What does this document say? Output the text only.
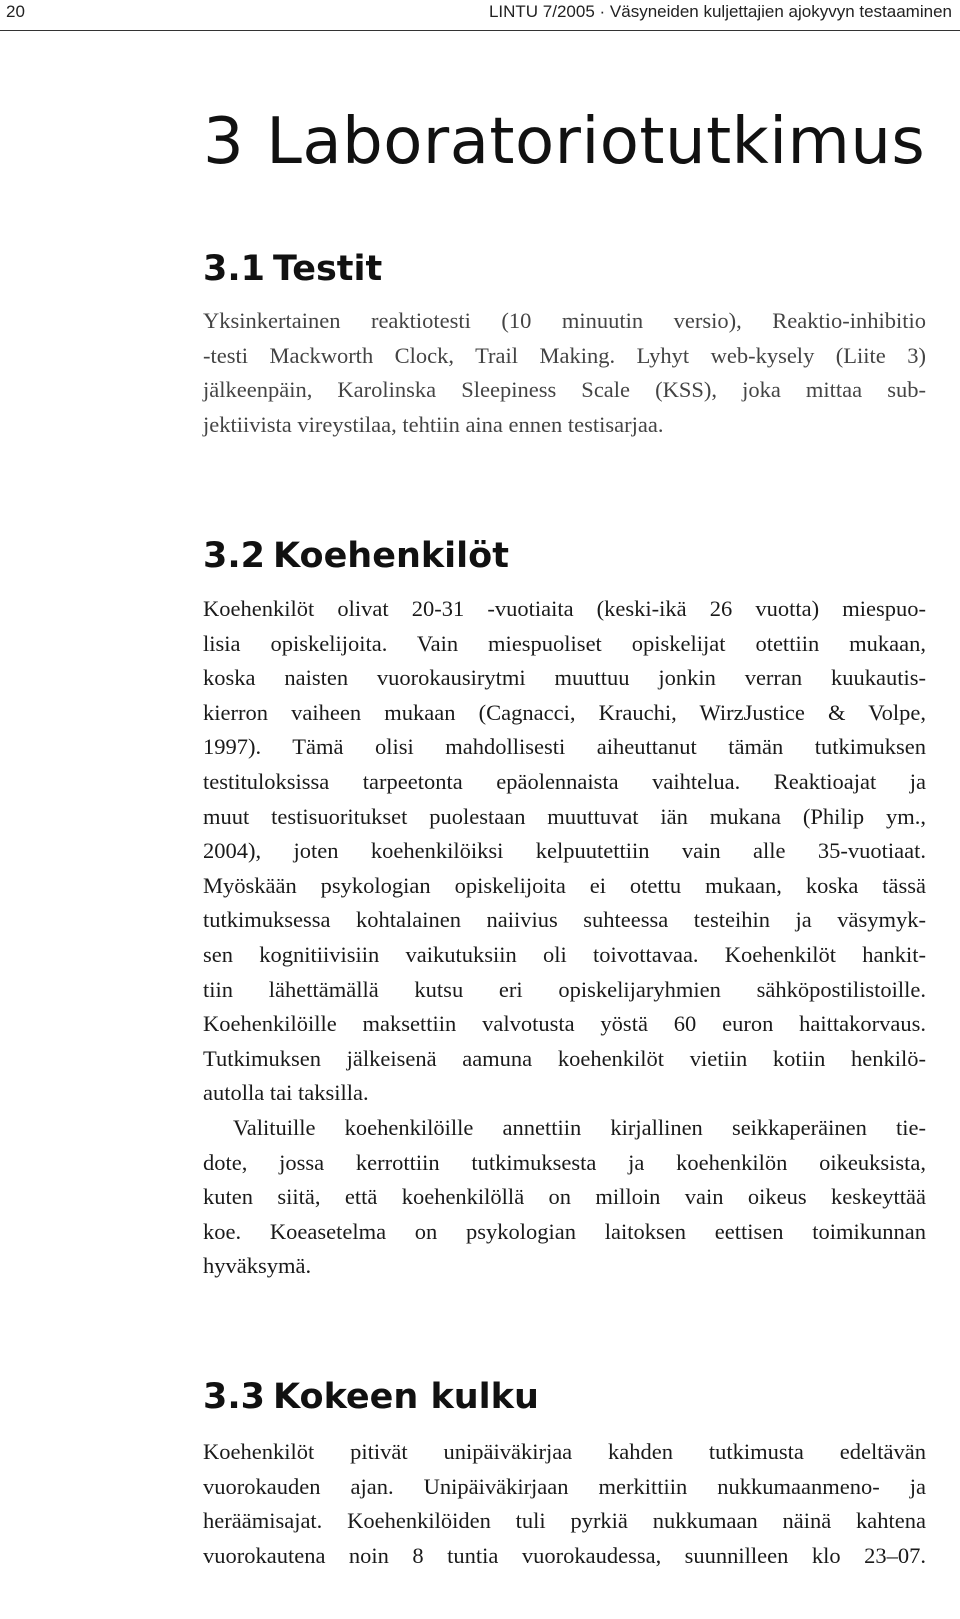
20	LINTU 7/2005 · Väsyneiden kuljettajien ajokyvyn testaaminen
3 Laboratoriotutkimus
3.1 Testit

Yksinkertainen reaktiotesti (10 minuutin versio), Reaktio-inhibitio
-testi Mackworth Clock, Trail Making. Lyhyt web-kysely (Liite 3)
jälkeenpäin, Karolinska Sleepiness Scale (KSS), joka mittaa sub-
jektiivista vireystilaa, tehtiin aina ennen testisarjaa.

3.2 Koehenkilöt

Koehenkilöt olivat 20-31 -vuotiaita (keski-ikä 26 vuotta) miespuo-
lisia opiskelijoita. Vain miespuoliset opiskelijat otettiin mukaan,
koska naisten vuorokausirytmi muuttuu jonkin verran kuukautis-
kierron vaiheen mukaan (Cagnacci, Krauchi, WirzJustice & Volpe,
1997). Tämä olisi mahdollisesti aiheuttanut tämän tutkimuksen
testituloksissa tarpeetonta epäolennaista vaihtelua. Reaktioajat ja
muut testisuoritukset puolestaan muuttuvat iän mukana (Philip ym.,
2004), joten koehenkilöiksi kelpuutettiin vain alle 35-vuotiaat.
Myöskään psykologian opiskelijoita ei otettu mukaan, koska tässä
tutkimuksessa kohtalainen naiivius suhteessa testeihin ja väsymyk-
sen kognitiivisiin vaikutuksiin oli toivottavaa. Koehenkilöt hankit-
tiin lähettämällä kutsu eri opiskelijaryhmien sähköpostilistoille.
Koehenkilöille maksettiin valvotusta yöstä 60 euron haittakorvaus.
Tutkimuksen jälkeisenä aamuna koehenkilöt vietiin kotiin henkilö-
autolla tai taksilla.

Valituille koehenkilöille annettiin kirjallinen seikkaperäinen tie-
dote, jossa kerrottiin tutkimuksesta ja koehenkilön oikeuksista,
kuten siitä, että koehenkilöllä on milloin vain oikeus keskeyttää
koe. Koeasetelma on psykologian laitoksen eettisen toimikunnan
hyväksymä.

3.3 Kokeen kulku

Koehenkilöt pitivät unipäiväkirjaa kahden tutkimusta edeltävän
vuorokauden ajan. Unipäiväkirjaan merkittiin nukkumaanmeno- ja
heräämisajat. Koehenkilöiden tuli pyrkiä nukkumaan näinä kahtena
vuorokautena noin 8 tuntia vuorokaudessa, suunnilleen klo 23–07.
